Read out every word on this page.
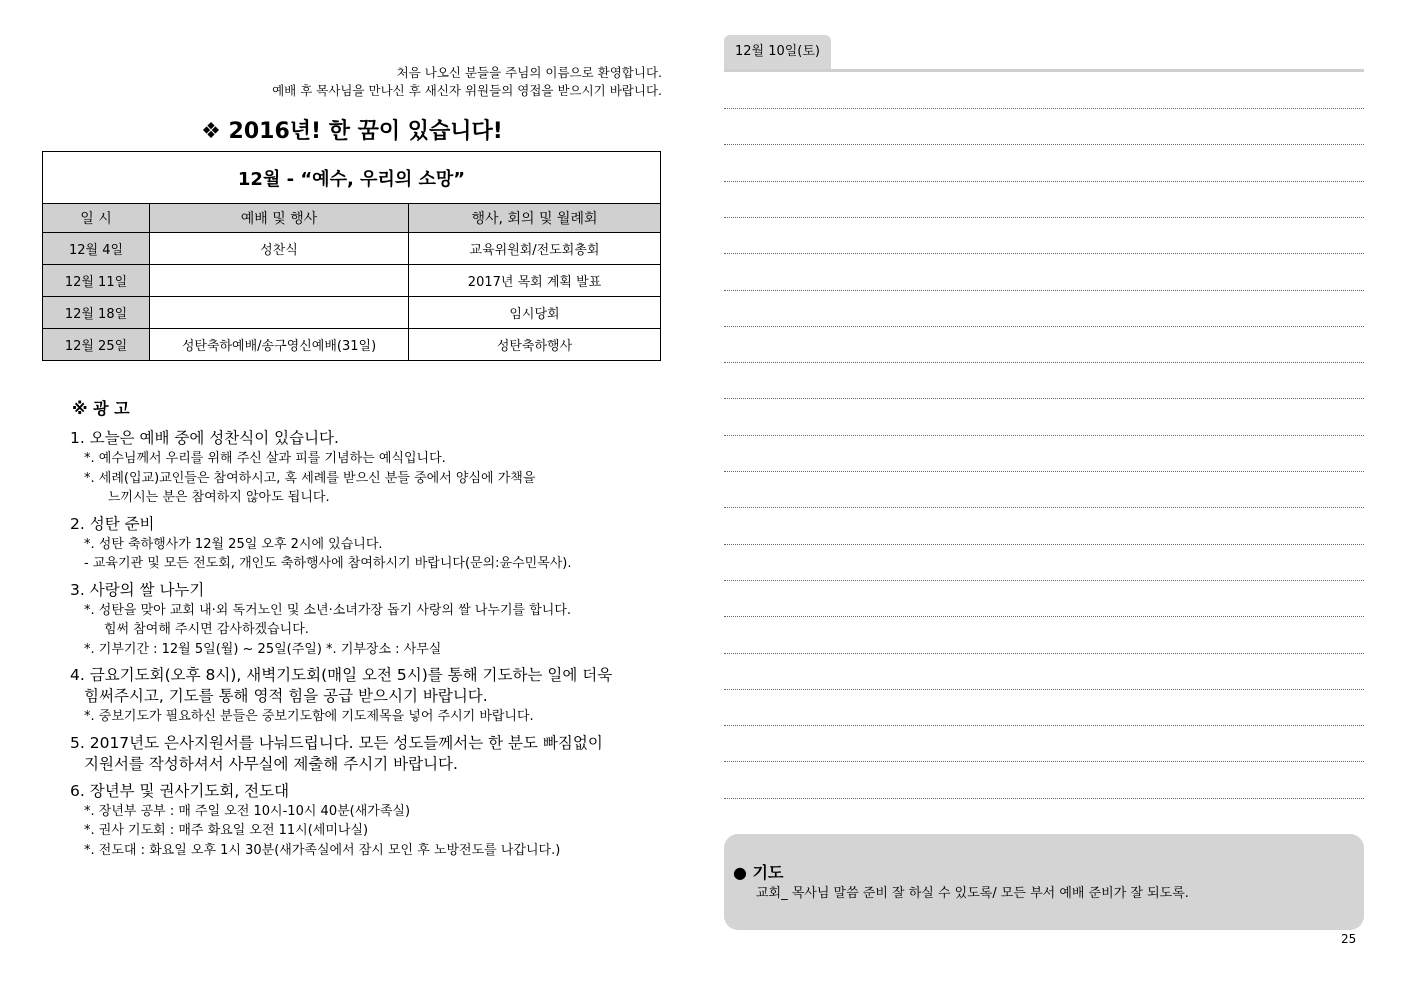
처음 나오신 분들을 주님의 이름으로 환영합니다.
예배 후 목사님을 만나신 후 새신자 위원들의 영접을 받으시기 바랍니다.
❖ 2016년! 한 꿈이 있습니다!
12월 - “예수, 우리의 소망”		
일 시	예배 및 행사	행사, 회의 및 월례회
12월 4일	성찬식	교육위원회/전도회총회
12월 11일		2017년 목회 계획 발표
12월 18일		임시당회
12월 25일	성탄축하예배/송구영신예배(31일)	성탄축하행사
※ 광 고
1. 오늘은 예배 중에 성찬식이 있습니다.
*. 예수님께서 우리를 위해 주신 살과 피를 기념하는 예식입니다.
*. 세례(입교)교인들은 참여하시고, 혹 세례를 받으신 분들 중에서 양심에 가책을
느끼시는 분은 참여하지 않아도 됩니다.
2. 성탄 준비
*. 성탄 축하행사가 12월 25일 오후 2시에 있습니다.
- 교육기관 및 모든 전도회, 개인도 축하행사에 참여하시기 바랍니다(문의:윤수민목사).
3. 사랑의 쌀 나누기
*. 성탄을 맞아 교회 내·외 독거노인 및 소년·소녀가장 돕기 사랑의 쌀 나누기를 합니다.
힘써 참여해 주시면 감사하겠습니다.
*. 기부기간 : 12월 5일(월) ~ 25일(주일) *. 기부장소 : 사무실
4. 금요기도회(오후 8시), 새벽기도회(매일 오전 5시)를 통해 기도하는 일에 더욱
힘써주시고, 기도를 통해 영적 힘을 공급 받으시기 바랍니다.
*. 중보기도가 필요하신 분들은 중보기도함에 기도제목을 넣어 주시기 바랍니다.
5. 2017년도 은사지원서를 나눠드립니다. 모든 성도들께서는 한 분도 빠짐없이
지원서를 작성하셔서 사무실에 제출해 주시기 바랍니다.
6. 장년부 및 권사기도회, 전도대
*. 장년부 공부 : 매 주일 오전 10시-10시 40분(새가족실)
*. 권사 기도회 : 매주 화요일 오전 11시(세미나실)
*. 전도대 : 화요일 오후 1시 30분(새가족실에서 잠시 모인 후 노방전도를 나갑니다.)
12월 10일(토)
● 기도
교회_ 목사님 말씀 준비 잘 하실 수 있도록/ 모든 부서 예배 준비가 잘 되도록.
25
